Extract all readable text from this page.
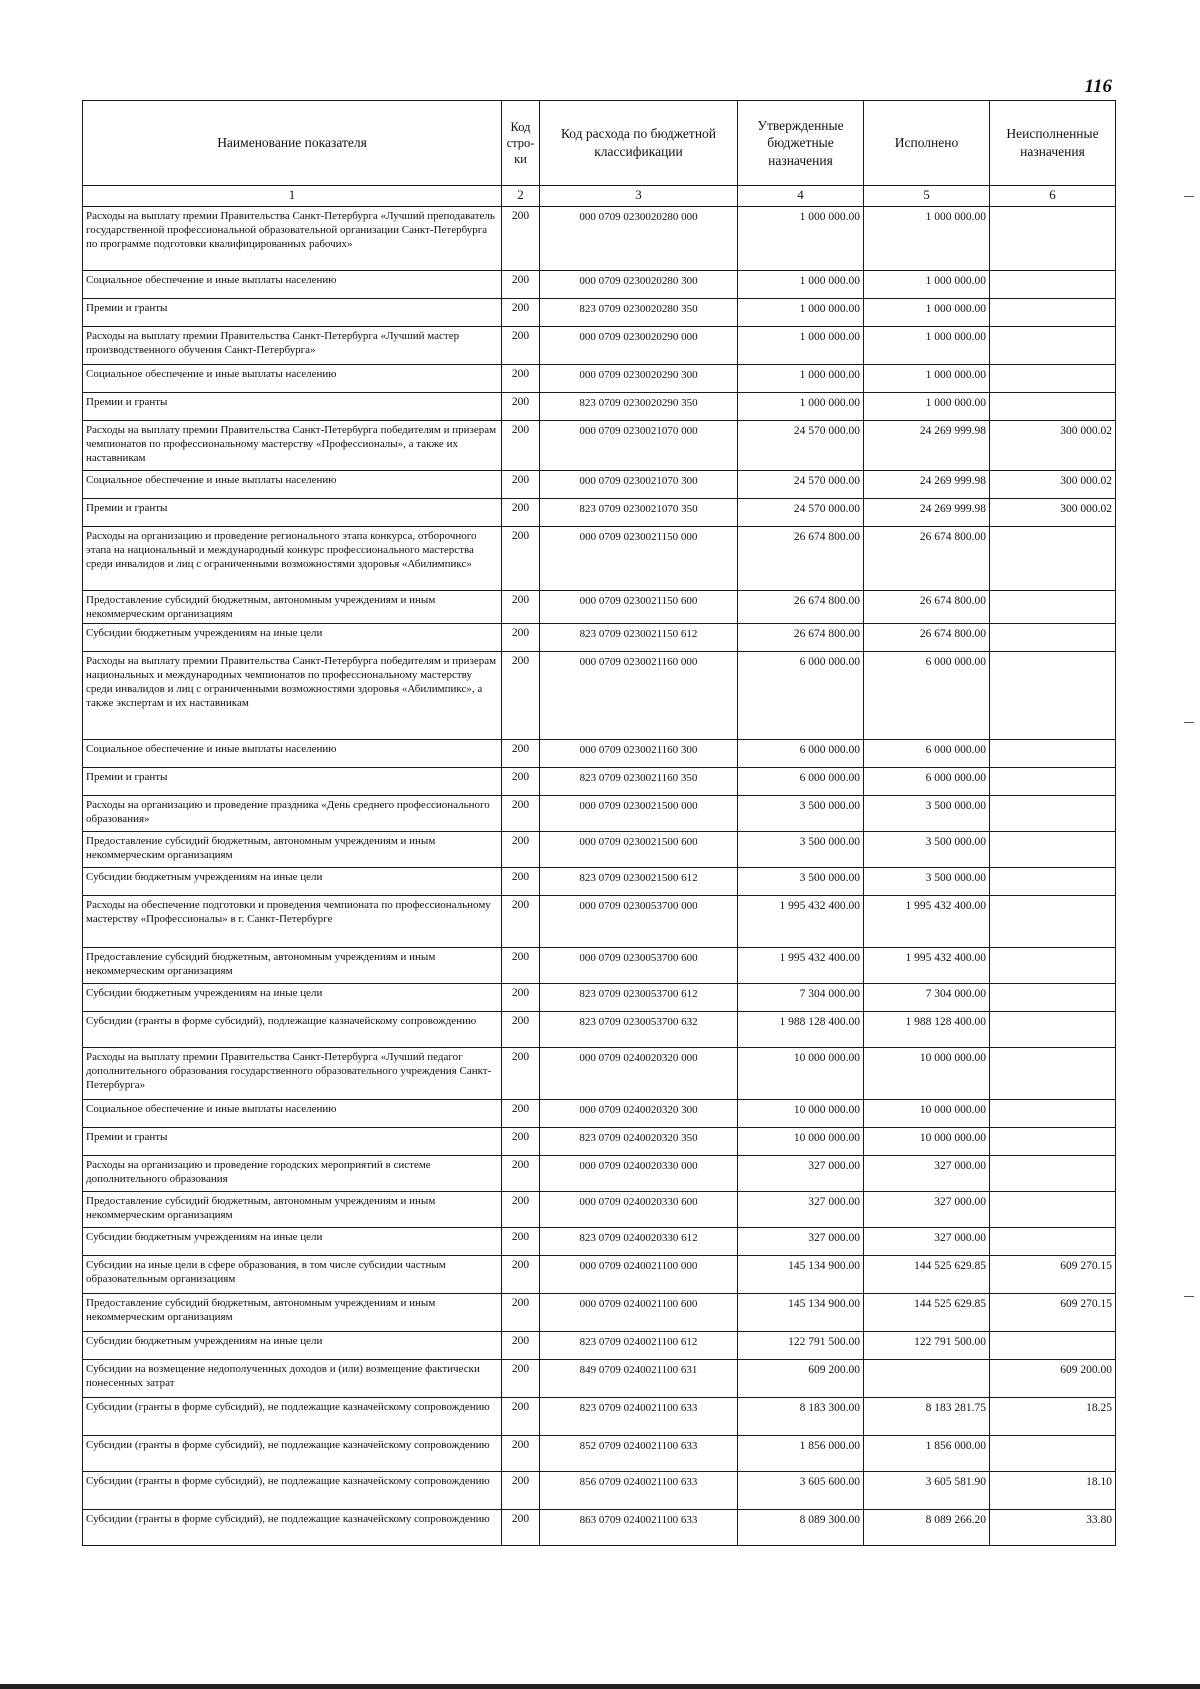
116
Наименование показателя	Код стро-ки	Код расхода по бюджетной классификации	Утвержденные бюджетные назначения	Исполнено	Неисполненные назначения
1	2	3	4	5	6
Расходы на выплату премии Правительства Санкт-Петербурга «Лучший преподаватель государственной профессиональной образовательной организации Санкт-Петербурга по программе подготовки квалифицированных рабочих»	200	000 0709 0230020280 000	1 000 000.00	1 000 000.00	
Социальное обеспечение и иные выплаты населению	200	000 0709 0230020280 300	1 000 000.00	1 000 000.00	
Премии и гранты	200	823 0709 0230020280 350	1 000 000.00	1 000 000.00	
Расходы на выплату премии Правительства Санкт-Петербурга «Лучший мастер производственного обучения Санкт-Петербурга»	200	000 0709 0230020290 000	1 000 000.00	1 000 000.00	
Социальное обеспечение и иные выплаты населению	200	000 0709 0230020290 300	1 000 000.00	1 000 000.00	
Премии и гранты	200	823 0709 0230020290 350	1 000 000.00	1 000 000.00	
Расходы на выплату премии Правительства Санкт-Петербурга победителям и призерам чемпионатов по профессиональному мастерству «Профессионалы», а также их наставникам	200	000 0709 0230021070 000	24 570 000.00	24 269 999.98	300 000.02
Социальное обеспечение и иные выплаты населению	200	000 0709 0230021070 300	24 570 000.00	24 269 999.98	300 000.02
Премии и гранты	200	823 0709 0230021070 350	24 570 000.00	24 269 999.98	300 000.02
Расходы на организацию и проведение регионального этапа конкурса, отборочного этапа на национальный и международный конкурс профессионального мастерства среди инвалидов и лиц с ограниченными возможностями здоровья «Абилимпикс»	200	000 0709 0230021150 000	26 674 800.00	26 674 800.00	
Предоставление субсидий бюджетным, автономным учреждениям и иным некоммерческим организациям	200	000 0709 0230021150 600	26 674 800.00	26 674 800.00	
Субсидии бюджетным учреждениям на иные цели	200	823 0709 0230021150 612	26 674 800.00	26 674 800.00	
Расходы на выплату премии Правительства Санкт-Петербурга победителям и призерам национальных и международных чемпионатов по профессиональному мастерству среди инвалидов и лиц с ограниченными возможностями здоровья «Абилимпикс», а также экспертам и их наставникам	200	000 0709 0230021160 000	6 000 000.00	6 000 000.00	
Социальное обеспечение и иные выплаты населению	200	000 0709 0230021160 300	6 000 000.00	6 000 000.00	
Премии и гранты	200	823 0709 0230021160 350	6 000 000.00	6 000 000.00	
Расходы на организацию и проведение праздника «День среднего профессионального образования»	200	000 0709 0230021500 000	3 500 000.00	3 500 000.00	
Предоставление субсидий бюджетным, автономным учреждениям и иным некоммерческим организациям	200	000 0709 0230021500 600	3 500 000.00	3 500 000.00	
Субсидии бюджетным учреждениям на иные цели	200	823 0709 0230021500 612	3 500 000.00	3 500 000.00	
Расходы на обеспечение подготовки и проведения чемпионата по профессиональному мастерству «Профессионалы» в г. Санкт-Петербурге	200	000 0709 0230053700 000	1 995 432 400.00	1 995 432 400.00	
Предоставление субсидий бюджетным, автономным учреждениям и иным некоммерческим организациям	200	000 0709 0230053700 600	1 995 432 400.00	1 995 432 400.00	
Субсидии бюджетным учреждениям на иные цели	200	823 0709 0230053700 612	7 304 000.00	7 304 000.00	
Субсидии (гранты в форме субсидий), подлежащие казначейскому сопровождению	200	823 0709 0230053700 632	1 988 128 400.00	1 988 128 400.00	
Расходы на выплату премии Правительства Санкт-Петербурга «Лучший педагог дополнительного образования государственного образовательного учреждения Санкт-Петербурга»	200	000 0709 0240020320 000	10 000 000.00	10 000 000.00	
Социальное обеспечение и иные выплаты населению	200	000 0709 0240020320 300	10 000 000.00	10 000 000.00	
Премии и гранты	200	823 0709 0240020320 350	10 000 000.00	10 000 000.00	
Расходы на организацию и проведение городских мероприятий в системе дополнительного образования	200	000 0709 0240020330 000	327 000.00	327 000.00	
Предоставление субсидий бюджетным, автономным учреждениям и иным некоммерческим организациям	200	000 0709 0240020330 600	327 000.00	327 000.00	
Субсидии бюджетным учреждениям на иные цели	200	823 0709 0240020330 612	327 000.00	327 000.00	
Субсидии на иные цели в сфере образования, в том числе субсидии частным образовательным организациям	200	000 0709 0240021100 000	145 134 900.00	144 525 629.85	609 270.15
Предоставление субсидий бюджетным, автономным учреждениям и иным некоммерческим организациям	200	000 0709 0240021100 600	145 134 900.00	144 525 629.85	609 270.15
Субсидии бюджетным учреждениям на иные цели	200	823 0709 0240021100 612	122 791 500.00	122 791 500.00	
Субсидии на возмещение недополученных доходов и (или) возмещение фактически понесенных затрат	200	849 0709 0240021100 631	609 200.00		609 200.00
Субсидии (гранты в форме субсидий), не подлежащие казначейскому сопровождению	200	823 0709 0240021100 633	8 183 300.00	8 183 281.75	18.25
Субсидии (гранты в форме субсидий), не подлежащие казначейскому сопровождению	200	852 0709 0240021100 633	1 856 000.00	1 856 000.00	
Субсидии (гранты в форме субсидий), не подлежащие казначейскому сопровождению	200	856 0709 0240021100 633	3 605 600.00	3 605 581.90	18.10
Субсидии (гранты в форме субсидий), не подлежащие казначейскому сопровождению	200	863 0709 0240021100 633	8 089 300.00	8 089 266.20	33.80
